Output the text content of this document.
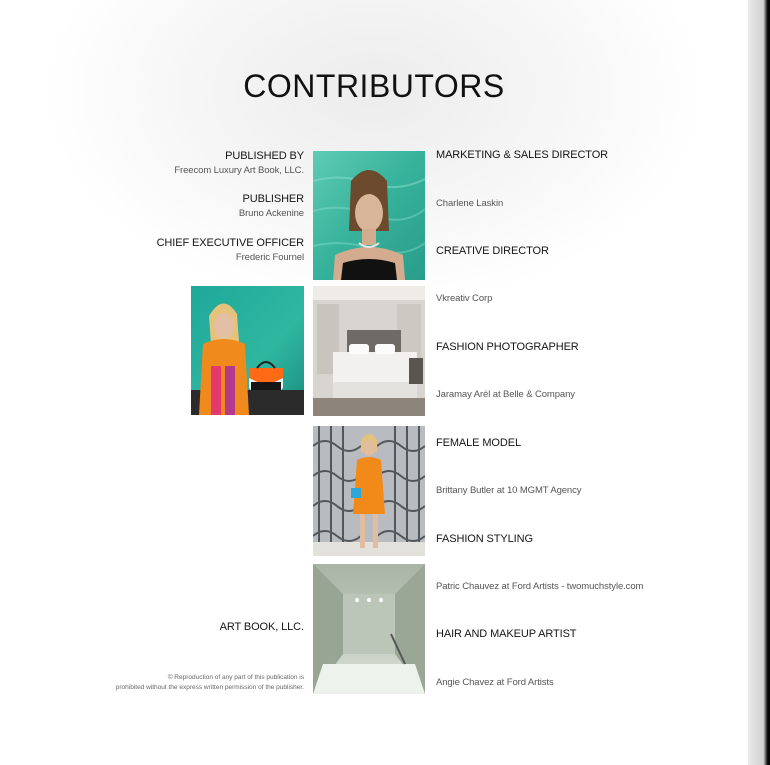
CONTRIBUTORS
PUBLISHED BY
Freecom Luxury Art Book, LLC.
PUBLISHER
Bruno Ackenine
CHIEF EXECUTIVE OFFICER
Frederic Fournel
ART BOOK, LLC.
© Reproduction of any part of this publication is
prohibited without the express written permission of the publisher.
MARKETING & SALES DIRECTOR
Charlene Laskin
CREATIVE DIRECTOR
Vkreativ Corp
FASHION PHOTOGRAPHER
Jaramay Arél at Belle & Company
FEMALE MODEL
Brittany Butler at 10 MGMT Agency
FASHION STYLING
Patric Chauvez at Ford Artists - twomuchstyle.com
HAIR AND MAKEUP ARTIST
Angie Chavez at Ford Artists
